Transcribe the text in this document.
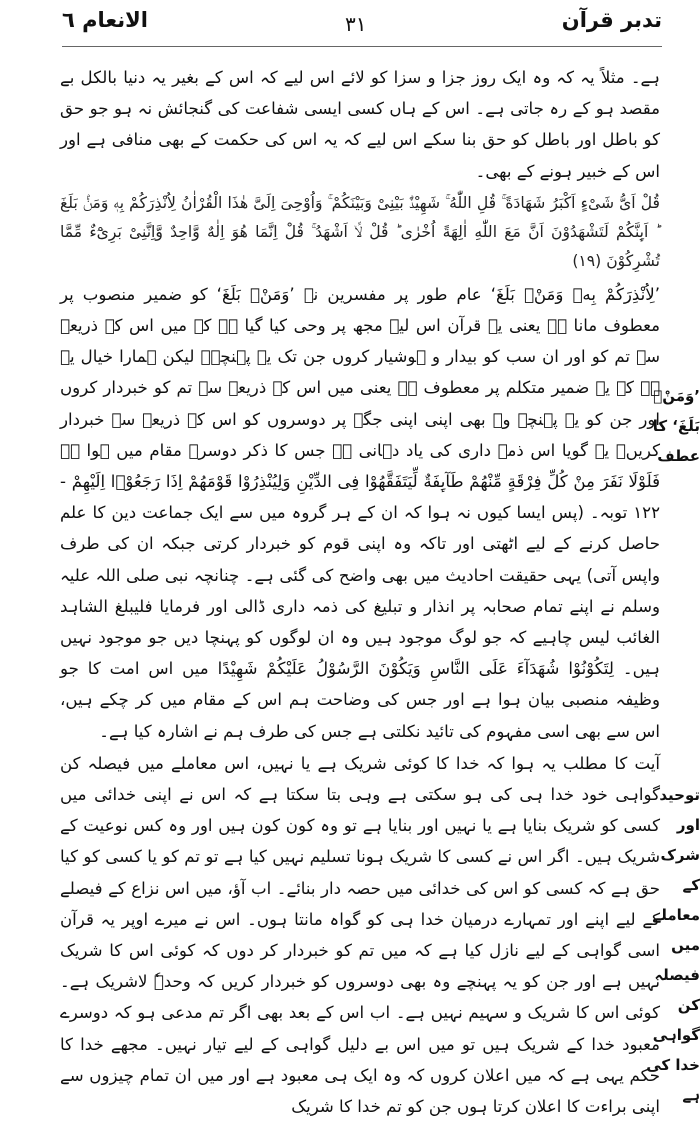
الانعام ٦	٣١	تدبر قرآن

ہے۔ مثلاً یہ کہ وہ ایک روز جزا و سزا کو لائے اس لیے کہ اس کے بغیر یہ دنیا بالکل بے مقصد ہو کے رہ جاتی ہے۔ اس کے ہاں کسی ایسی شفاعت کی گنجائش نہ ہو جو حق کو باطل اور باطل کو حق بنا سکے اس لیے کہ یہ اس کی حکمت کے بھی منافی ہے اور اس کے خبیر ہونے کے بھی۔

قُلْ اَیُّ شَیْءٍ اَكْبَرُ شَهَادَةً ۚ قُلِ اللّٰهُ ۚ شَهِیْدٌۢ بَیْنِیْ وَبَیْنَكُمْ ۚ وَاُوْحِیَ اِلَیَّ هٰذَا الْقُرْاٰنُ لِاُنْذِرَكُمْ بِهٖ وَمَنْۢ بَلَغَ ؕ اَىِٕنَّكُمْ لَتَشْهَدُوْنَ اَنَّ مَعَ اللّٰهِ اٰلِهَةً اُخْرٰی ؕ قُلْ لَّاۤ اَشْهَدُ ۚ قُلْ اِنَّمَا هُوَ اِلٰهٌ وَّاحِدٌ وَّاِنَّنِیْ بَرِیْٓءٌ مِّمَّا تُشْرِكُوْنَ (۱۹)

’لِاُنْذِرَكُمْ بِهٖ وَمَنْۢ بَلَغَ‘ عام طور پر مفسرین نے ’وَمَنْۢ بَلَغَ‘ کو ضمیر منصوب پر معطوف مانا ہے یعنی یہ قرآن اس لیے مجھ پر وحی کیا گیا ہے کہ میں اس کے ذریعے سے تم کو اور ان سب کو بیدار و ہوشیار کروں جن تک یہ پہنچے۔ لیکن ہمارا خیال یہ ہے کہ یہ ضمیر متکلم پر معطوف ہے یعنی میں اس کے ذریعے سے تم کو خبردار کروں اور جن کو یہ پہنچے وہ بھی اپنی اپنی جگہ پر دوسروں کو اس کے ذریعے سے خبردار کریں۔ یہ گویا اس ذمہ داری کی یاد دہانی ہے جس کا ذکر دوسرے مقام میں ہوا ہے فَلَوْلَا نَفَرَ مِنْ كُلِّ فِرْقَةٍ مِّنْهُمْ طَآىِٕفَةٌ لِّیَتَفَقَّهُوْا فِی الدِّیْنِ وَلِیُنْذِرُوْا قَوْمَهُمْ اِذَا رَجَعُوْۤا اِلَیْهِمْ - ۱۲۲ توبہ۔ (پس ایسا کیوں نہ ہوا کہ ان کے ہر گروہ میں سے ایک جماعت دین کا علم حاصل کرنے کے لیے اٹھتی اور تاکہ وہ اپنی قوم کو خبردار کرتی جبکہ ان کی طرف واپس آتی) یہی حقیقت احادیث میں بھی واضح کی گئی ہے۔ چنانچہ نبی صلی اللہ علیہ وسلم نے اپنے تمام صحابہ پر انذار و تبلیغ کی ذمہ داری ڈالی اور فرمایا فلیبلغ الشاہد الغائب لیس چاہیے کہ جو لوگ موجود ہیں وہ ان لوگوں کو پہنچا دیں جو موجود نہیں ہیں۔ لِتَكُوْنُوْا شُهَدَآءَ عَلَی النَّاسِ وَیَكُوْنَ الرَّسُوْلُ عَلَیْكُمْ شَهِیْدًا میں اس امت کا جو وظیفہ منصبی بیان ہوا ہے اور جس کی وضاحت ہم اس کے مقام میں کر چکے ہیں، اس سے بھی اسی مفہوم کی تائید نکلتی ہے جس کی طرف ہم نے اشارہ کیا ہے۔

آیت کا مطلب یہ ہوا کہ خدا کا کوئی شریک ہے یا نہیں، اس معاملے میں فیصلہ کن گواہی خود خدا ہی کی ہو سکتی ہے وہی بتا سکتا ہے کہ اس نے اپنی خدائی میں کسی کو شریک بنایا ہے یا نہیں اور بنایا ہے تو وہ کون کون ہیں اور وہ کس نوعیت کے شریک ہیں۔ اگر اس نے کسی کا شریک ہونا تسلیم نہیں کیا ہے تو تم کو یا کسی کو کیا حق ہے کہ کسی کو اس کی خدائی میں حصہ دار بنائے۔ اب آؤ، میں اس نزاع کے فیصلے کے لیے اپنے اور تمہارے درمیان خدا ہی کو گواہ مانتا ہوں۔ اس نے میرے اوپر یہ قرآن اسی گواہی کے لیے نازل کیا ہے کہ میں تم کو خبردار کر دوں کہ کوئی اس کا شریک نہیں ہے اور جن کو یہ پہنچے وہ بھی دوسروں کو خبردار کریں کہ وحدہٗ لاشریک ہے۔ کوئی اس کا شریک و سہیم نہیں ہے۔ اب اس کے بعد بھی اگر تم مدعی ہو کہ دوسرے معبود خدا کے شریک ہیں تو میں اس بے دلیل گواہی کے لیے تیار نہیں۔ مجھے خدا کا حکم یہی ہے کہ میں اعلان کروں کہ وہ ایک ہی معبود ہے اور میں ان تمام چیزوں سے اپنی براءت کا اعلان کرتا ہوں جن کو تم خدا کا شریک

’وَمَنْۢ بَلَغَ‘ کا عطف
توحید اور شرک کے معاملے میں فیصلہ کن گواہی خدا کی ہے
